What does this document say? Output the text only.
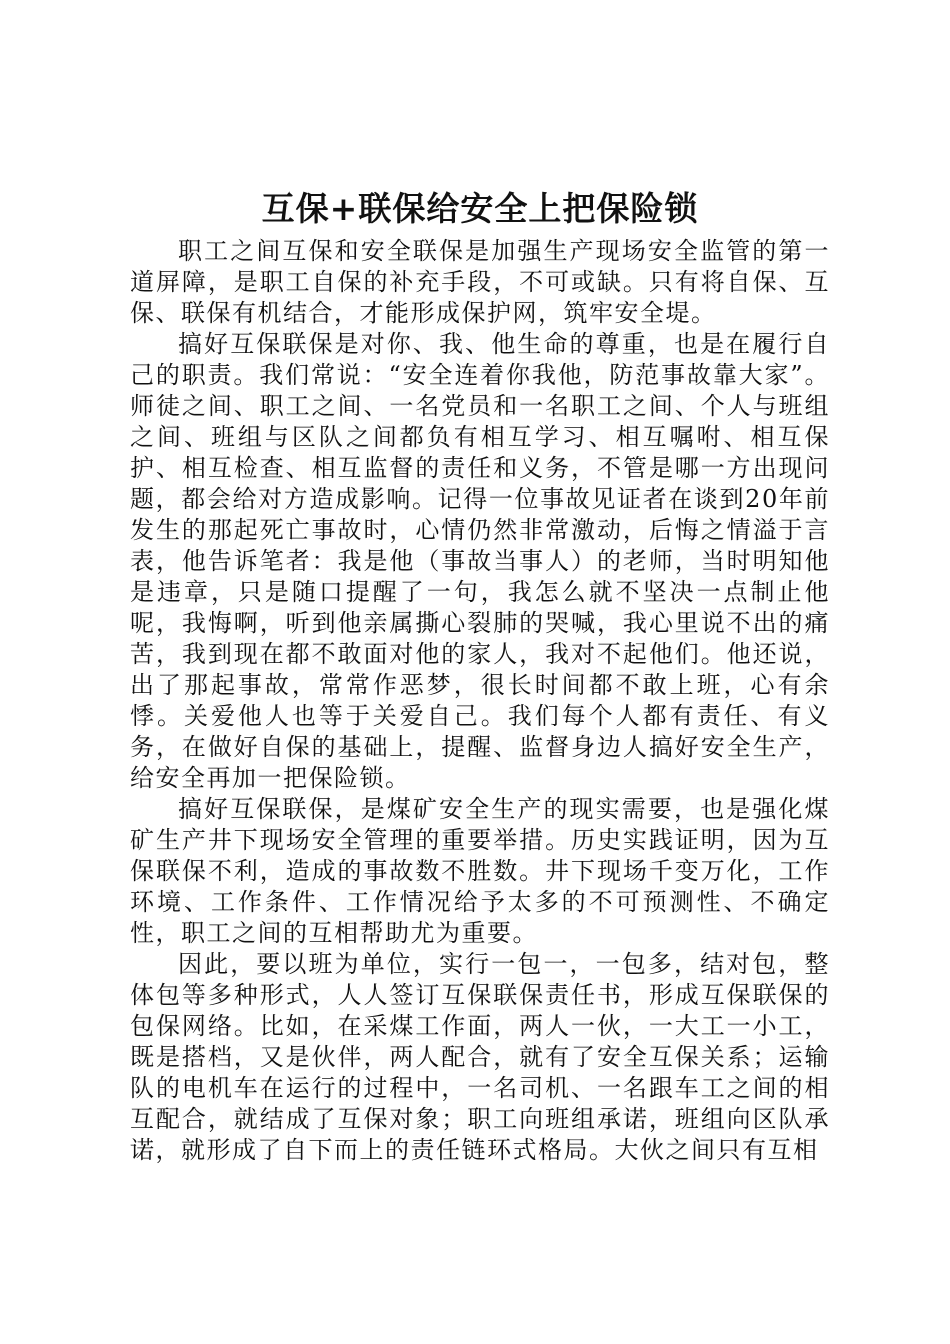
互保+联保给安全上把保险锁

职工之间互保和安全联保是加强生产现场安全监管的第一道屏障，是职工自保的补充手段，不可或缺。只有将自保、互保、联保有机结合，才能形成保护网，筑牢安全堤。

搞好互保联保是对你、我、他生命的尊重，也是在履行自己的职责。我们常说：“安全连着你我他，防范事故靠大家”。师徒之间、职工之间、一名党员和一名职工之间、个人与班组之间、班组与区队之间都负有相互学习、相互嘱咐、相互保护、相互检查、相互监督的责任和义务，不管是哪一方出现问题，都会给对方造成影响。记得一位事故见证者在谈到20年前发生的那起死亡事故时，心情仍然非常激动，后悔之情溢于言表，他告诉笔者：我是他（事故当事人）的老师，当时明知他是违章，只是随口提醒了一句，我怎么就不坚决一点制止他呢，我悔啊，听到他亲属撕心裂肺的哭喊，我心里说不出的痛苦，我到现在都不敢面对他的家人，我对不起他们。他还说，出了那起事故，常常作恶梦，很长时间都不敢上班，心有余悸。关爱他人也等于关爱自己。我们每个人都有责任、有义务，在做好自保的基础上，提醒、监督身边人搞好安全生产，给安全再加一把保险锁。

搞好互保联保，是煤矿安全生产的现实需要，也是强化煤矿生产井下现场安全管理的重要举措。历史实践证明，因为互保联保不利，造成的事故数不胜数。井下现场千变万化，工作环境、工作条件、工作情况给予太多的不可预测性、不确定性，职工之间的互相帮助尤为重要。

因此，要以班为单位，实行一包一，一包多，结对包，整体包等多种形式，人人签订互保联保责任书，形成互保联保的包保网络。比如，在采煤工作面，两人一伙，一大工一小工，既是搭档，又是伙伴，两人配合，就有了安全互保关系；运输队的电机车在运行的过程中，一名司机、一名跟车工之间的相互配合，就结成了互保对象；职工向班组承诺，班组向区队承诺，就形成了自下而上的责任链环式格局。大伙之间只有互相
